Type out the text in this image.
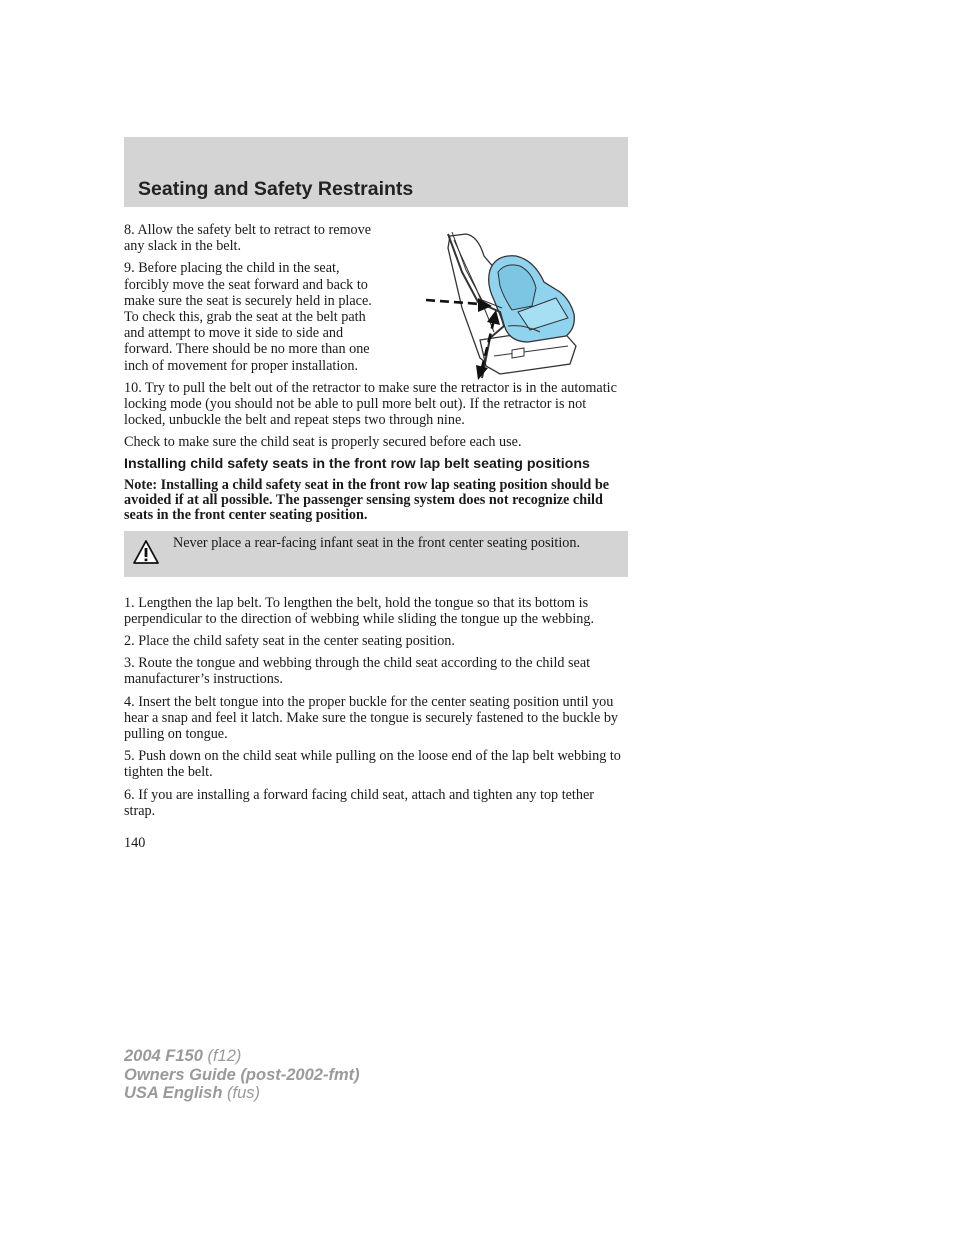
Seating and Safety Restraints

8. Allow the safety belt to retract to remove any slack in the belt.

9. Before placing the child in the seat, forcibly move the seat forward and back to make sure the seat is securely held in place. To check this, grab the seat at the belt path and attempt to move it side to side and forward. There should be no more than one inch of movement for proper installation.

10. Try to pull the belt out of the retractor to make sure the retractor is in the automatic locking mode (you should not be able to pull more belt out). If the retractor is not locked, unbuckle the belt and repeat steps two through nine.

Check to make sure the child seat is properly secured before each use.

Installing child safety seats in the front row lap belt seating positions

Note: Installing a child safety seat in the front row lap seating position should be avoided if at all possible. The passenger sensing system does not recognize child seats in the front center seating position.

Never place a rear-facing infant seat in the front center seating position.

1. Lengthen the lap belt. To lengthen the belt, hold the tongue so that its bottom is perpendicular to the direction of webbing while sliding the tongue up the webbing.

2. Place the child safety seat in the center seating position.

3. Route the tongue and webbing through the child seat according to the child seat manufacturer’s instructions.

4. Insert the belt tongue into the proper buckle for the center seating position until you hear a snap and feel it latch. Make sure the tongue is securely fastened to the buckle by pulling on tongue.

5. Push down on the child seat while pulling on the loose end of the lap belt webbing to tighten the belt.

6. If you are installing a forward facing child seat, attach and tighten any top tether strap.

140

2004 F150 (f12)
Owners Guide (post-2002-fmt)
USA English (fus)
